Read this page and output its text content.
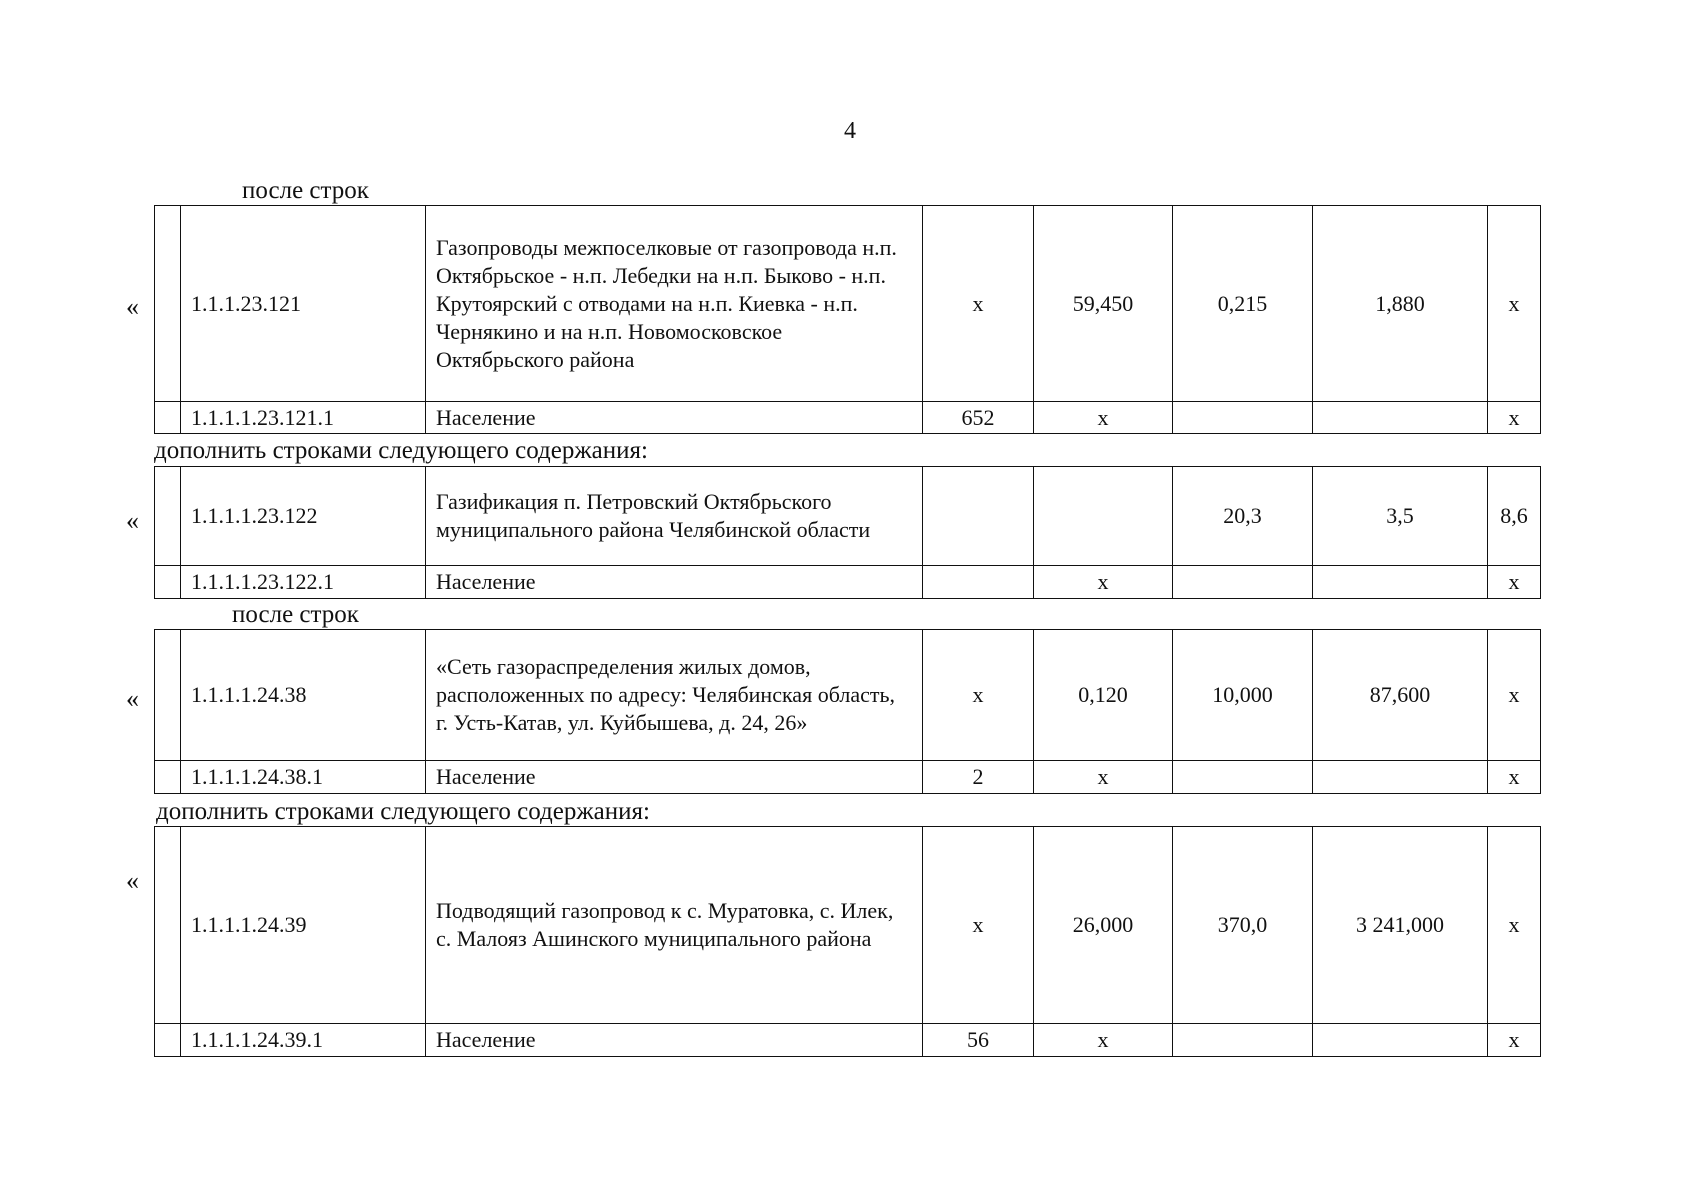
4
после строк
«
	1.1.1.23.121	Газопроводы межпоселковые от газопровода н.п. Октябрьское - н.п. Лебедки на н.п. Быково - н.п. Крутоярский с отводами на н.п. Киевка - н.п. Чернякино и на н.п. Новомосковское Октябрьского района	х	59,450	0,215	1,880	х
	1.1.1.1.23.121.1	Население	652	х			х
дополнить строками следующего содержания:
«
	1.1.1.1.23.122	Газификация п. Петровский Октябрьского муниципального района Челябинской области			20,3	3,5	8,6
	1.1.1.1.23.122.1	Население		х			х
после строк
«
	1.1.1.1.24.38	«Сеть газораспределения жилых домов, расположенных по адресу: Челябинская область, г. Усть-Катав, ул. Куйбышева, д. 24, 26»	х	0,120	10,000	87,600	х
	1.1.1.1.24.38.1	Население	2	х			х
дополнить строками следующего содержания:
«
	1.1.1.1.24.39	Подводящий газопровод к с. Муратовка, с. Илек, с. Малояз Ашинского муниципального района	х	26,000	370,0	3 241,000	х
	1.1.1.1.24.39.1	Население	56	х			х
